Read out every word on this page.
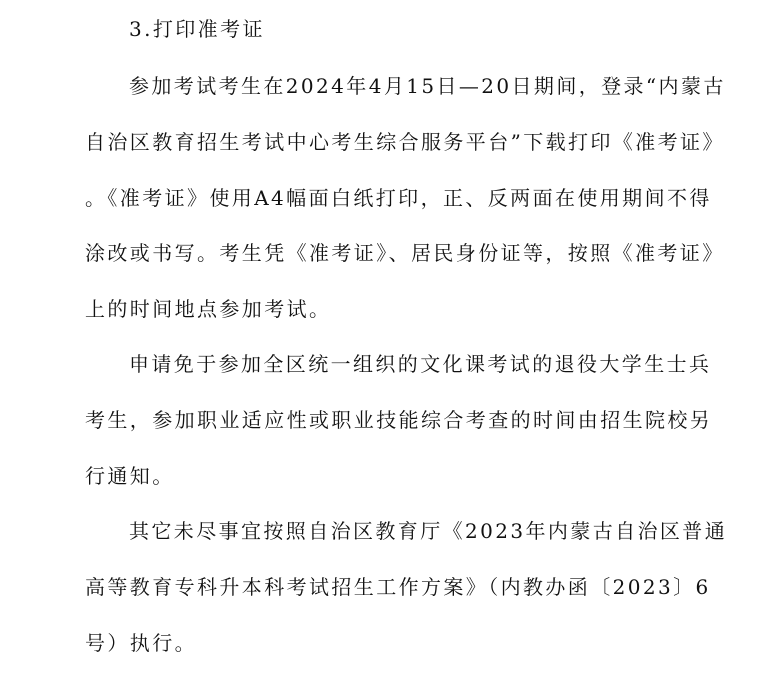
3.打印准考证
参加考试考生在2024年4月15日—20日期间，登录“内蒙古
自治区教育招生考试中心考生综合服务平台”下载打印《准考证》
。《准考证》使用A4幅面白纸打印，正、反两面在使用期间不得
涂改或书写。考生凭《准考证》、居民身份证等，按照《准考证》
上的时间地点参加考试。
申请免于参加全区统一组织的文化课考试的退役大学生士兵
考生，参加职业适应性或职业技能综合考查的时间由招生院校另
行通知。
其它未尽事宜按照自治区教育厅《2023年内蒙古自治区普通
高等教育专科升本科考试招生工作方案》（内教办函〔2023〕6
号）执行。
